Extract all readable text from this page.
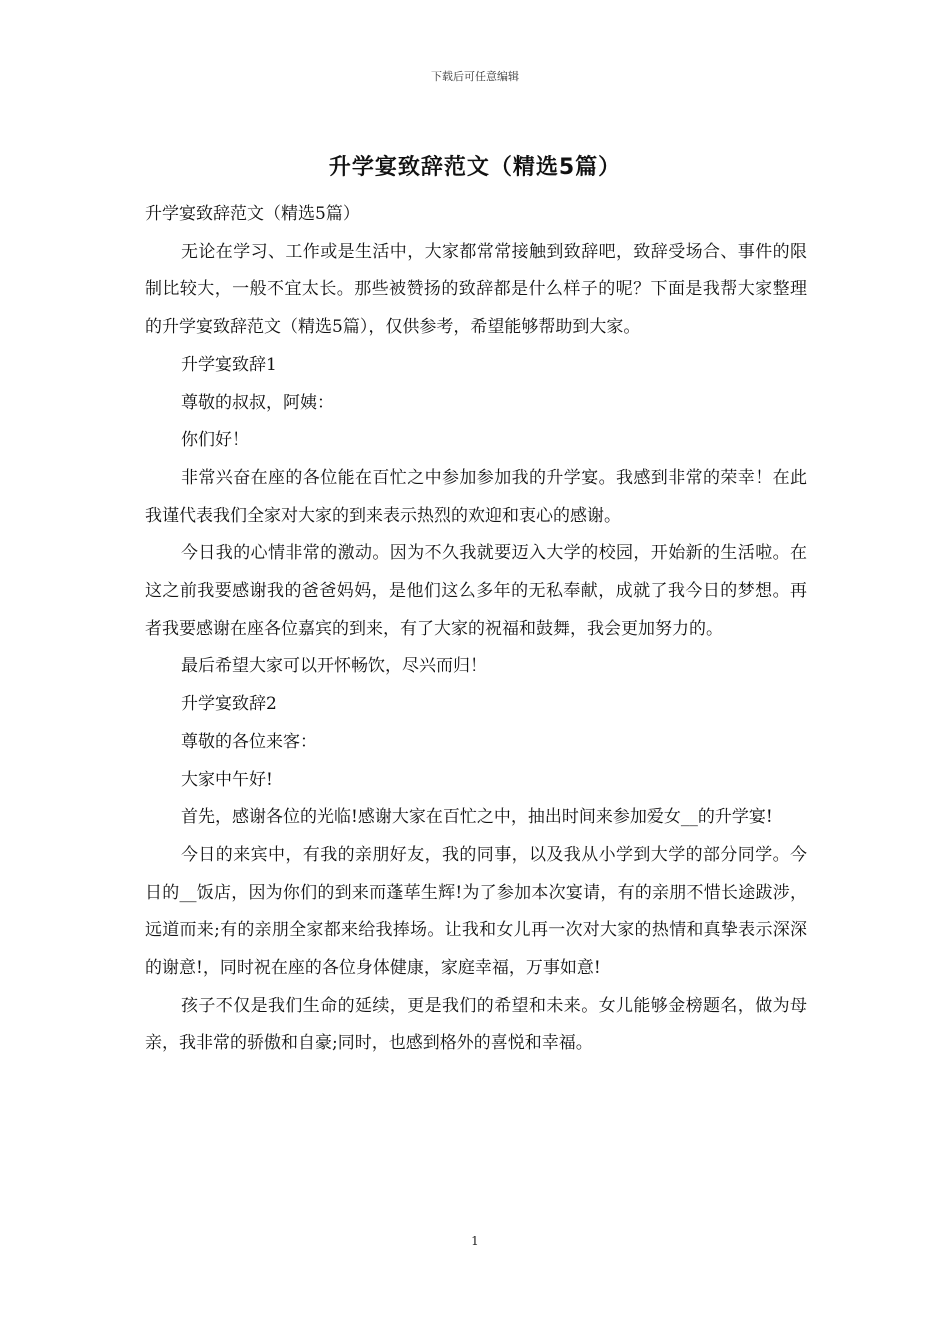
下载后可任意编辑
升学宴致辞范文（精选5篇）

升学宴致辞范文（精选5篇）

无论在学习、工作或是生活中，大家都常常接触到致辞吧，致辞受场合、事件的限制比较大，一般不宜太长。那些被赞扬的致辞都是什么样子的呢？下面是我帮大家整理的升学宴致辞范文（精选5篇），仅供参考，希望能够帮助到大家。

升学宴致辞1

尊敬的叔叔，阿姨：

你们好！

非常兴奋在座的各位能在百忙之中参加参加我的升学宴。我感到非常的荣幸！在此我谨代表我们全家对大家的到来表示热烈的欢迎和衷心的感谢。

今日我的心情非常的激动。因为不久我就要迈入大学的校园，开始新的生活啦。在这之前我要感谢我的爸爸妈妈，是他们这么多年的无私奉献，成就了我今日的梦想。再者我要感谢在座各位嘉宾的到来，有了大家的祝福和鼓舞，我会更加努力的。

最后希望大家可以开怀畅饮，尽兴而归！

升学宴致辞2

尊敬的各位来客：

大家中午好!

首先，感谢各位的光临!感谢大家在百忙之中，抽出时间来参加爱女__的升学宴!

今日的来宾中，有我的亲朋好友，我的同事，以及我从小学到大学的部分同学。今日的__饭店，因为你们的到来而蓬荜生辉!为了参加本次宴请，有的亲朋不惜长途跋涉，远道而来;有的亲朋全家都来给我捧场。让我和女儿再一次对大家的热情和真挚表示深深的谢意!，同时祝在座的各位身体健康，家庭幸福，万事如意!

孩子不仅是我们生命的延续，更是我们的希望和未来。女儿能够金榜题名，做为母亲，我非常的骄傲和自豪;同时，也感到格外的喜悦和幸福。

1
